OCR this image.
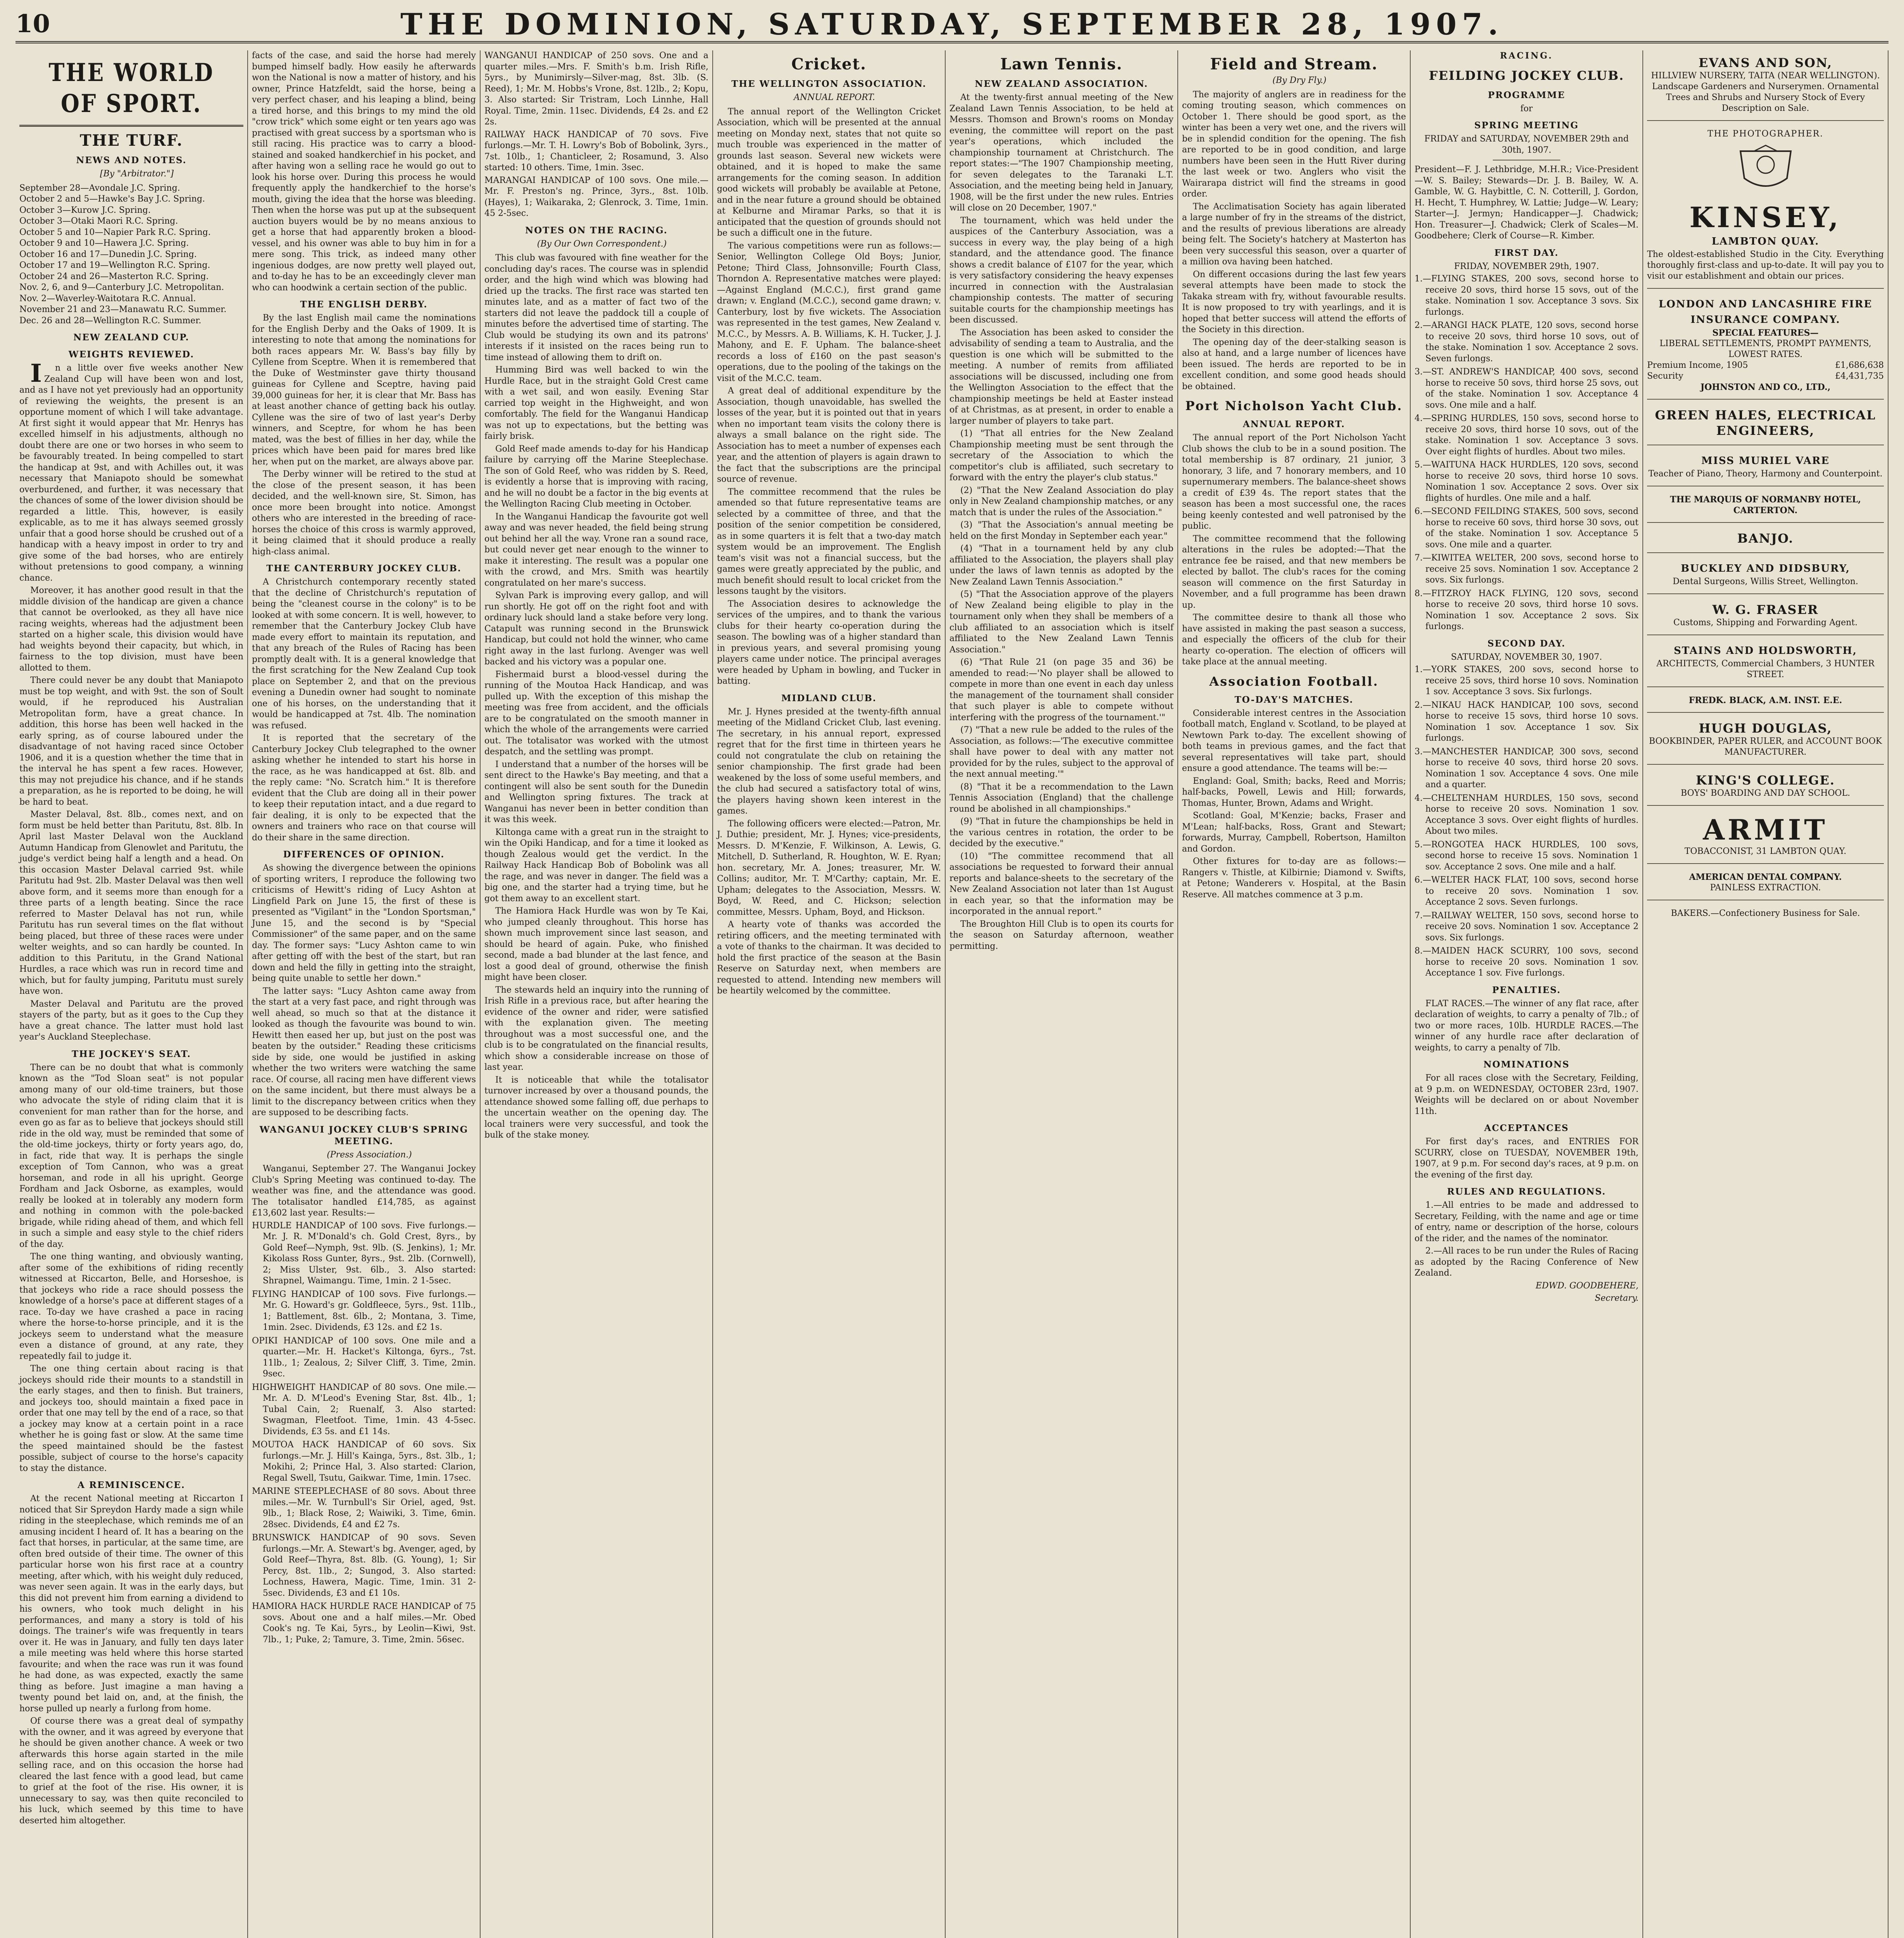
10	THE DOMINION, SATURDAY, SEPTEMBER 28, 1907.
THE WORLD OF SPORT.
THE TURF.
NEWS AND NOTES.

[By "Arbitrator."]

September 28—Avondale J.C. Spring.

October 2 and 5—Hawke's Bay J.C. Spring.

October 3—Kurow J.C. Spring.

October 3—Otaki Maori R.C. Spring.

October 5 and 10—Napier Park R.C. Spring.

October 9 and 10—Hawera J.C. Spring.

October 16 and 17—Dunedin J.C. Spring.

October 17 and 19—Wellington R.C. Spring.

October 24 and 26—Masterton R.C. Spring.

Nov. 2, 6, and 9—Canterbury J.C. Metropolitan.

Nov. 2—Waverley-Waitotara R.C. Annual.

November 21 and 23—Manawatu R.C. Summer.

Dec. 26 and 28—Wellington R.C. Summer.

NEW ZEALAND CUP.
WEIGHTS REVIEWED.

In a little over five weeks another New Zealand Cup will have been won and lost, and as I have not yet previously had an opportunity of reviewing the weights, the present is an opportune moment of which I will take advantage. At first sight it would appear that Mr. Henrys has excelled himself in his adjustments, although no doubt there are one or two horses in who seem to be favourably treated. In being compelled to start the handicap at 9st, and with Achilles out, it was necessary that Maniapoto should be somewhat overburdened, and further, it was necessary that the chances of some of the lower division should be regarded a little. This, however, is easily explicable, as to me it has always seemed grossly unfair that a good horse should be crushed out of a handicap with a heavy impost in order to try and give some of the bad horses, who are entirely without pretensions to good company, a winning chance.

Moreover, it has another good result in that the middle division of the handicap are given a chance that cannot be overlooked, as they all have nice racing weights, whereas had the adjustment been started on a higher scale, this division would have had weights beyond their capacity, but which, in fairness to the top division, must have been allotted to them.

There could never be any doubt that Maniapoto must be top weight, and with 9st. the son of Soult would, if he reproduced his Australian Metropolitan form, have a great chance. In addition, this horse has been well hacked in the early spring, as of course laboured under the disadvantage of not having raced since October 1906, and it is a question whether the time that in the interval he has spent a few races. However, this may not prejudice his chance, and if he stands a preparation, as he is reported to be doing, he will be hard to beat.

Master Delaval, 8st. 8lb., comes next, and on form must be held better than Paritutu, 8st. 8lb. In April last Master Delaval won the Auckland Autumn Handicap from Glenowlet and Paritutu, the judge's verdict being half a length and a head. On this occasion Master Delaval carried 9st. while Paritutu had 9st. 2lb. Master Delaval was then well above form, and it seems more than enough for a three parts of a length beating. Since the race referred to Master Delaval has not run, while Paritutu has run several times on the flat without being placed, but three of these races were under welter weights, and so can hardly be counted. In addition to this Paritutu, in the Grand National Hurdles, a race which was run in record time and which, but for faulty jumping, Paritutu must surely have won.

Master Delaval and Paritutu are the proved stayers of the party, but as it goes to the Cup they have a great chance. The latter must hold last year's Auckland Steeplechase.

THE JOCKEY'S SEAT.

There can be no doubt that what is commonly known as the "Tod Sloan seat" is not popular among many of our old-time trainers, but those who advocate the style of riding claim that it is convenient for man rather than for the horse, and even go as far as to believe that jockeys should still ride in the old way, must be reminded that some of the old-time jockeys, thirty or forty years ago, do, in fact, ride that way. It is perhaps the single exception of Tom Cannon, who was a great horseman, and rode in all his upright. George Fordham and Jack Osborne, as examples, would really be looked at in tolerably any modern form and nothing in common with the pole-backed brigade, while riding ahead of them, and which fell in such a simple and easy style to the chief riders of the day.

The one thing wanting, and obviously wanting, after some of the exhibitions of riding recently witnessed at Riccarton, Belle, and Horseshoe, is that jockeys who ride a race should possess the knowledge of a horse's pace at different stages of a race. To-day we have crashed a pace in racing where the horse-to-horse principle, and it is the jockeys seem to understand what the measure even a distance of ground, at any rate, they repeatedly fail to judge it.

The one thing certain about racing is that jockeys should ride their mounts to a standstill in the early stages, and then to finish. But trainers, and jockeys too, should maintain a fixed pace in order that one may tell by the end of a race, so that a jockey may know at a certain point in a race whether he is going fast or slow. At the same time the speed maintained should be the fastest possible, subject of course to the horse's capacity to stay the distance.

A REMINISCENCE.

At the recent National meeting at Riccarton I noticed that Sir Spreydon Hardy made a sign while riding in the steeplechase, which reminds me of an amusing incident I heard of. It has a bearing on the fact that horses, in particular, at the same time, are often bred outside of their time. The owner of this particular horse won his first race at a country meeting, after which, with his weight duly reduced, was never seen again. It was in the early days, but this did not prevent him from earning a dividend to his owners, who took much delight in his performances, and many a story is told of his doings. The trainer's wife was frequently in tears over it. He was in January, and fully ten days later a mile meeting was held where this horse started favourite; and when the race was run it was found he had done, as was expected, exactly the same thing as before. Just imagine a man having a twenty pound bet laid on, and, at the finish, the horse pulled up nearly a furlong from home.

Of course there was a great deal of sympathy with the owner, and it was agreed by everyone that he should be given another chance. A week or two afterwards this horse again started in the mile selling race, and on this occasion the horse had cleared the last fence with a good lead, but came to grief at the foot of the rise. His owner, it is unnecessary to say, was then quite reconciled to his luck, which seemed by this time to have deserted him altogether.

facts of the case, and said the horse had merely bumped himself badly. How easily he afterwards won the National is now a matter of history, and his owner, Prince Hatzfeldt, said the horse, being a very perfect chaser, and his leaping a blind, being a tired horse, and this brings to my mind the old "crow trick" which some eight or ten years ago was practised with great success by a sportsman who is still racing. His practice was to carry a blood-stained and soaked handkerchief in his pocket, and after having won a selling race he would go out to look his horse over. During this process he would frequently apply the handkerchief to the horse's mouth, giving the idea that the horse was bleeding. Then when the horse was put up at the subsequent auction buyers would be by no means anxious to get a horse that had apparently broken a blood-vessel, and his owner was able to buy him in for a mere song. This trick, as indeed many other ingenious dodges, are now pretty well played out, and to-day he has to be an exceedingly clever man who can hoodwink a certain section of the public.

THE ENGLISH DERBY.

By the last English mail came the nominations for the English Derby and the Oaks of 1909. It is interesting to note that among the nominations for both races appears Mr. W. Bass's bay filly by Cyllene from Sceptre. When it is remembered that the Duke of Westminster gave thirty thousand guineas for Cyllene and Sceptre, having paid 39,000 guineas for her, it is clear that Mr. Bass has at least another chance of getting back his outlay. Cyllene was the sire of two of last year's Derby winners, and Sceptre, for whom he has been mated, was the best of fillies in her day, while the prices which have been paid for mares bred like her, when put on the market, are always above par.

The Derby winner will be retired to the stud at the close of the present season, it has been decided, and the well-known sire, St. Simon, has once more been brought into notice. Amongst others who are interested in the breeding of race-horses the choice of this cross is warmly approved, it being claimed that it should produce a really high-class animal.

THE CANTERBURY JOCKEY CLUB.

A Christchurch contemporary recently stated that the decline of Christchurch's reputation of being the "cleanest course in the colony" is to be looked at with some concern. It is well, however, to remember that the Canterbury Jockey Club have made every effort to maintain its reputation, and that any breach of the Rules of Racing has been promptly dealt with. It is a general knowledge that the first scratching for the New Zealand Cup took place on September 2, and that on the previous evening a Dunedin owner had sought to nominate one of his horses, on the understanding that it would be handicapped at 7st. 4lb. The nomination was refused.

It is reported that the secretary of the Canterbury Jockey Club telegraphed to the owner asking whether he intended to start his horse in the race, as he was handicapped at 6st. 8lb. and the reply came: "No. Scratch him." It is therefore evident that the Club are doing all in their power to keep their reputation intact, and a due regard to fair dealing, it is only to be expected that the owners and trainers who race on that course will do their share in the same direction.

DIFFERENCES OF OPINION.

As showing the divergence between the opinions of sporting writers, I reproduce the following two criticisms of Hewitt's riding of Lucy Ashton at Lingfield Park on June 15, the first of these is presented as "Vigilant" in the "London Sportsman," June 15, and the second is by "Special Commissioner" of the same paper, and on the same day. The former says: "Lucy Ashton came to win after getting off with the best of the start, but ran down and held the filly in getting into the straight, being quite unable to settle her down."

The latter says: "Lucy Ashton came away from the start at a very fast pace, and right through was well ahead, so much so that at the distance it looked as though the favourite was bound to win. Hewitt then eased her up, but just on the post was beaten by the outsider." Reading these criticisms side by side, one would be justified in asking whether the two writers were watching the same race. Of course, all racing men have different views on the same incident, but there must always be a limit to the discrepancy between critics when they are supposed to be describing facts.

WANGANUI JOCKEY CLUB'S SPRING MEETING.

(Press Association.)

Wanganui, September 27. The Wanganui Jockey Club's Spring Meeting was continued to-day. The weather was fine, and the attendance was good. The totalisator handled £14,785, as against £13,602 last year. Results:—

HURDLE HANDICAP of 100 sovs. Five furlongs.—Mr. J. R. M'Donald's ch. Gold Crest, 8yrs., by Gold Reef—Nymph, 9st. 9lb. (S. Jenkins), 1; Mr. Kikolass Ross Gunter, 8yrs., 9st. 2lb. (Cornwell), 2; Miss Ulster, 9st. 6lb., 3. Also started: Shrapnel, Waimangu. Time, 1min. 2 1-5sec.

FLYING HANDICAP of 100 sovs. Five furlongs.—Mr. G. Howard's gr. Goldfleece, 5yrs., 9st. 11lb., 1; Battlement, 8st. 6lb., 2; Montana, 3. Time, 1min. 2sec. Dividends, £3 12s. and £2 1s.

OPIKI HANDICAP of 100 sovs. One mile and a quarter.—Mr. H. Hacket's Kiltonga, 6yrs., 7st. 11lb., 1; Zealous, 2; Silver Cliff, 3. Time, 2min. 9sec.

HIGHWEIGHT HANDICAP of 80 sovs. One mile.—Mr. A. D. M'Leod's Evening Star, 8st. 4lb., 1; Tubal Cain, 2; Ruenalf, 3. Also started: Swagman, Fleetfoot. Time, 1min. 43 4-5sec. Dividends, £3 5s. and £1 14s.

MOUTOA HACK HANDICAP of 60 sovs. Six furlongs.—Mr. J. Hill's Kainga, 5yrs., 8st. 3lb., 1; Mokihi, 2; Prince Hal, 3. Also started: Clarion, Regal Swell, Tsutu, Gaikwar. Time, 1min. 17sec.

MARINE STEEPLECHASE of 80 sovs. About three miles.—Mr. W. Turnbull's Sir Oriel, aged, 9st. 9lb., 1; Black Rose, 2; Waiwiki, 3. Time, 6min. 28sec. Dividends, £4 and £2 7s.

BRUNSWICK HANDICAP of 90 sovs. Seven furlongs.—Mr. A. Stewart's bg. Avenger, aged, by Gold Reef—Thyra, 8st. 8lb. (G. Young), 1; Sir Percy, 8st. 1lb., 2; Sungod, 3. Also started: Lochness, Hawera, Magic. Time, 1min. 31 2-5sec. Dividends, £3 and £1 10s.

HAMIORA HACK HURDLE RACE HANDICAP of 75 sovs. About one and a half miles.—Mr. Obed Cook's ng. Te Kai, 5yrs., by Leolin—Kiwi, 9st. 7lb., 1; Puke, 2; Tamure, 3. Time, 2min. 56sec.

WANGANUI HANDICAP of 250 sovs. One and a quarter miles.—Mrs. F. Smith's b.m. Irish Rifle, 5yrs., by Munimirsly—Silver-mag, 8st. 3lb. (S. Reed), 1; Mr. M. Hobbs's Vrone, 8st. 12lb., 2; Kopu, 3. Also started: Sir Tristram, Loch Linnhe, Hall Royal. Time, 2min. 11sec. Dividends, £4 2s. and £2 2s.

RAILWAY HACK HANDICAP of 70 sovs. Five furlongs.—Mr. T. H. Lowry's Bob of Bobolink, 3yrs., 7st. 10lb., 1; Chanticleer, 2; Rosamund, 3. Also started: 10 others. Time, 1min. 3sec.

MARANGAI HANDICAP of 100 sovs. One mile.—Mr. F. Preston's ng. Prince, 3yrs., 8st. 10lb. (Hayes), 1; Waikaraka, 2; Glenrock, 3. Time, 1min. 45 2-5sec.

NOTES ON THE RACING.

(By Our Own Correspondent.)

This club was favoured with fine weather for the concluding day's races. The course was in splendid order, and the high wind which was blowing had dried up the tracks. The first race was started ten minutes late, and as a matter of fact two of the starters did not leave the paddock till a couple of minutes before the advertised time of starting. The Club would be studying its own and its patrons' interests if it insisted on the races being run to time instead of allowing them to drift on.

Humming Bird was well backed to win the Hurdle Race, but in the straight Gold Crest came with a wet sail, and won easily. Evening Star carried top weight in the Highweight, and won comfortably. The field for the Wanganui Handicap was not up to expectations, but the betting was fairly brisk.

Gold Reef made amends to-day for his Handicap failure by carrying off the Marine Steeplechase. The son of Gold Reef, who was ridden by S. Reed, is evidently a horse that is improving with racing, and he will no doubt be a factor in the big events at the Wellington Racing Club meeting in October.

In the Wanganui Handicap the favourite got well away and was never headed, the field being strung out behind her all the way. Vrone ran a sound race, but could never get near enough to the winner to make it interesting. The result was a popular one with the crowd, and Mrs. Smith was heartily congratulated on her mare's success.

Sylvan Park is improving every gallop, and will run shortly. He got off on the right foot and with ordinary luck should land a stake before very long. Catapult was running second in the Brunswick Handicap, but could not hold the winner, who came right away in the last furlong. Avenger was well backed and his victory was a popular one.

Fishermaid burst a blood-vessel during the running of the Moutoa Hack Handicap, and was pulled up. With the exception of this mishap the meeting was free from accident, and the officials are to be congratulated on the smooth manner in which the whole of the arrangements were carried out. The totalisator was worked with the utmost despatch, and the settling was prompt.

I understand that a number of the horses will be sent direct to the Hawke's Bay meeting, and that a contingent will also be sent south for the Dunedin and Wellington spring fixtures. The track at Wanganui has never been in better condition than it was this week.

Kiltonga came with a great run in the straight to win the Opiki Handicap, and for a time it looked as though Zealous would get the verdict. In the Railway Hack Handicap Bob of Bobolink was all the rage, and was never in danger. The field was a big one, and the starter had a trying time, but he got them away to an excellent start.

The Hamiora Hack Hurdle was won by Te Kai, who jumped cleanly throughout. This horse has shown much improvement since last season, and should be heard of again. Puke, who finished second, made a bad blunder at the last fence, and lost a good deal of ground, otherwise the finish might have been closer.

The stewards held an inquiry into the running of Irish Rifle in a previous race, but after hearing the evidence of the owner and rider, were satisfied with the explanation given. The meeting throughout was a most successful one, and the club is to be congratulated on the financial results, which show a considerable increase on those of last year.

It is noticeable that while the totalisator turnover increased by over a thousand pounds, the attendance showed some falling off, due perhaps to the uncertain weather on the opening day. The local trainers were very successful, and took the bulk of the stake money.

Cricket.
THE WELLINGTON ASSOCIATION.

ANNUAL REPORT.

The annual report of the Wellington Cricket Association, which will be presented at the annual meeting on Monday next, states that not quite so much trouble was experienced in the matter of grounds last season. Several new wickets were obtained, and it is hoped to make the same arrangements for the coming season. In addition good wickets will probably be available at Petone, and in the near future a ground should be obtained at Kelburne and Miramar Parks, so that it is anticipated that the question of grounds should not be such a difficult one in the future.

The various competitions were run as follows:—Senior, Wellington College Old Boys; Junior, Petone; Third Class, Johnsonville; Fourth Class, Thorndon A. Representative matches were played:—Against England (M.C.C.), first grand game drawn; v. England (M.C.C.), second game drawn; v. Canterbury, lost by five wickets. The Association was represented in the test games, New Zealand v. M.C.C., by Messrs. A. B. Williams, K. H. Tucker, J. J. Mahony, and E. F. Upham. The balance-sheet records a loss of £160 on the past season's operations, due to the pooling of the takings on the visit of the M.C.C. team.

A great deal of additional expenditure by the Association, though unavoidable, has swelled the losses of the year, but it is pointed out that in years when no important team visits the colony there is always a small balance on the right side. The Association has to meet a number of expenses each year, and the attention of players is again drawn to the fact that the subscriptions are the principal source of revenue.

The committee recommend that the rules be amended so that future representative teams are selected by a committee of three, and that the position of the senior competition be considered, as in some quarters it is felt that a two-day match system would be an improvement. The English team's visit was not a financial success, but the games were greatly appreciated by the public, and much benefit should result to local cricket from the lessons taught by the visitors.

The Association desires to acknowledge the services of the umpires, and to thank the various clubs for their hearty co-operation during the season. The bowling was of a higher standard than in previous years, and several promising young players came under notice. The principal averages were headed by Upham in bowling, and Tucker in batting.

MIDLAND CLUB.

Mr. J. Hynes presided at the twenty-fifth annual meeting of the Midland Cricket Club, last evening. The secretary, in his annual report, expressed regret that for the first time in thirteen years he could not congratulate the club on retaining the senior championship. The first grade had been weakened by the loss of some useful members, and the club had secured a satisfactory total of wins, the players having shown keen interest in the games.

The following officers were elected:—Patron, Mr. J. Duthie; president, Mr. J. Hynes; vice-presidents, Messrs. D. M'Kenzie, F. Wilkinson, A. Lewis, G. Mitchell, D. Sutherland, R. Houghton, W. E. Ryan; hon. secretary, Mr. A. Jones; treasurer, Mr. W. Collins; auditor, Mr. T. M'Carthy; captain, Mr. E. Upham; delegates to the Association, Messrs. W. Boyd, W. Reed, and C. Hickson; selection committee, Messrs. Upham, Boyd, and Hickson.

A hearty vote of thanks was accorded the retiring officers, and the meeting terminated with a vote of thanks to the chairman. It was decided to hold the first practice of the season at the Basin Reserve on Saturday next, when members are requested to attend. Intending new members will be heartily welcomed by the committee.

Lawn Tennis.
NEW ZEALAND ASSOCIATION.

At the twenty-first annual meeting of the New Zealand Lawn Tennis Association, to be held at Messrs. Thomson and Brown's rooms on Monday evening, the committee will report on the past year's operations, which included the championship tournament at Christchurch. The report states:—"The 1907 Championship meeting, for seven delegates to the Taranaki L.T. Association, and the meeting being held in January, 1908, will be the first under the new rules. Entries will close on 20 December, 1907."

The tournament, which was held under the auspices of the Canterbury Association, was a success in every way, the play being of a high standard, and the attendance good. The finance shows a credit balance of £107 for the year, which is very satisfactory considering the heavy expenses incurred in connection with the Australasian championship contests. The matter of securing suitable courts for the championship meetings has been discussed.

The Association has been asked to consider the advisability of sending a team to Australia, and the question is one which will be submitted to the meeting. A number of remits from affiliated associations will be discussed, including one from the Wellington Association to the effect that the championship meetings be held at Easter instead of at Christmas, as at present, in order to enable a larger number of players to take part.

(1) "That all entries for the New Zealand Championship meeting must be sent through the secretary of the Association to which the competitor's club is affiliated, such secretary to forward with the entry the player's club status."

(2) "That the New Zealand Association do play only in New Zealand championship matches, or any match that is under the rules of the Association."

(3) "That the Association's annual meeting be held on the first Monday in September each year."

(4) "That in a tournament held by any club affiliated to the Association, the players shall play under the laws of lawn tennis as adopted by the New Zealand Lawn Tennis Association."

(5) "That the Association approve of the players of New Zealand being eligible to play in the tournament only when they shall be members of a club affiliated to an association which is itself affiliated to the New Zealand Lawn Tennis Association."

(6) "That Rule 21 (on page 35 and 36) be amended to read:—'No player shall be allowed to compete in more than one event in each day unless the management of the tournament shall consider that such player is able to compete without interfering with the progress of the tournament.'"

(7) "That a new rule be added to the rules of the Association, as follows:—'The executive committee shall have power to deal with any matter not provided for by the rules, subject to the approval of the next annual meeting.'"

(8) "That it be a recommendation to the Lawn Tennis Association (England) that the challenge round be abolished in all championships."

(9) "That in future the championships be held in the various centres in rotation, the order to be decided by the executive."

(10) "The committee recommend that all associations be requested to forward their annual reports and balance-sheets to the secretary of the New Zealand Association not later than 1st August in each year, so that the information may be incorporated in the annual report."

The Broughton Hill Club is to open its courts for the season on Saturday afternoon, weather permitting.

Field and Stream.

(By Dry Fly.)

The majority of anglers are in readiness for the coming trouting season, which commences on October 1. There should be good sport, as the winter has been a very wet one, and the rivers will be in splendid condition for the opening. The fish are reported to be in good condition, and large numbers have been seen in the Hutt River during the last week or two. Anglers who visit the Wairarapa district will find the streams in good order.

The Acclimatisation Society has again liberated a large number of fry in the streams of the district, and the results of previous liberations are already being felt. The Society's hatchery at Masterton has been very successful this season, over a quarter of a million ova having been hatched.

On different occasions during the last few years several attempts have been made to stock the Takaka stream with fry, without favourable results. It is now proposed to try with yearlings, and it is hoped that better success will attend the efforts of the Society in this direction.

The opening day of the deer-stalking season is also at hand, and a large number of licences have been issued. The herds are reported to be in excellent condition, and some good heads should be obtained.

Port Nicholson Yacht Club.
ANNUAL REPORT.

The annual report of the Port Nicholson Yacht Club shows the club to be in a sound position. The total membership is 87 ordinary, 21 junior, 3 honorary, 3 life, and 7 honorary members, and 10 supernumerary members. The balance-sheet shows a credit of £39 4s. The report states that the season has been a most successful one, the races being keenly contested and well patronised by the public.

The committee recommend that the following alterations in the rules be adopted:—That the entrance fee be raised, and that new members be elected by ballot. The club's races for the coming season will commence on the first Saturday in November, and a full programme has been drawn up.

The committee desire to thank all those who have assisted in making the past season a success, and especially the officers of the club for their hearty co-operation. The election of officers will take place at the annual meeting.

Association Football.
TO-DAY'S MATCHES.

Considerable interest centres in the Association football match, England v. Scotland, to be played at Newtown Park to-day. The excellent showing of both teams in previous games, and the fact that several representatives will take part, should ensure a good attendance. The teams will be:—

England: Goal, Smith; backs, Reed and Morris; half-backs, Powell, Lewis and Hill; forwards, Thomas, Hunter, Brown, Adams and Wright.

Scotland: Goal, M'Kenzie; backs, Fraser and M'Lean; half-backs, Ross, Grant and Stewart; forwards, Murray, Campbell, Robertson, Hamilton and Gordon.

Other fixtures for to-day are as follows:—Rangers v. Thistle, at Kilbirnie; Diamond v. Swifts, at Petone; Wanderers v. Hospital, at the Basin Reserve. All matches commence at 3 p.m.

RACING.

FEILDING JOCKEY CLUB.
PROGRAMME

for

SPRING MEETING

FRIDAY and SATURDAY, NOVEMBER 29th and 30th, 1907.

President—F. J. Lethbridge, M.H.R.; Vice-President—W. S. Bailey; Stewards—Dr. J. B. Bailey, W. A. Gamble, W. G. Haybittle, C. N. Cotterill, J. Gordon, H. Hecht, T. Humphrey, W. Lattie; Judge—W. Leary; Starter—J. Jermyn; Handicapper—J. Chadwick; Hon. Treasurer—J. Chadwick; Clerk of Scales—M. Goodbehere; Clerk of Course—R. Kimber.

FIRST DAY.

FRIDAY, NOVEMBER 29th, 1907.

1.—FLYING STAKES, 200 sovs, second horse to receive 20 sovs, third horse 15 sovs, out of the stake. Nomination 1 sov. Acceptance 3 sovs. Six furlongs.

2.—ARANGI HACK PLATE, 120 sovs, second horse to receive 20 sovs, third horse 10 sovs, out of the stake. Nomination 1 sov. Acceptance 2 sovs. Seven furlongs.

3.—ST. ANDREW'S HANDICAP, 400 sovs, second horse to receive 50 sovs, third horse 25 sovs, out of the stake. Nomination 1 sov. Acceptance 4 sovs. One mile and a half.

4.—SPRING HURDLES, 150 sovs, second horse to receive 20 sovs, third horse 10 sovs, out of the stake. Nomination 1 sov. Acceptance 3 sovs. Over eight flights of hurdles. About two miles.

5.—WAITUNA HACK HURDLES, 120 sovs, second horse to receive 20 sovs, third horse 10 sovs. Nomination 1 sov. Acceptance 2 sovs. Over six flights of hurdles. One mile and a half.

6.—SECOND FEILDING STAKES, 500 sovs, second horse to receive 60 sovs, third horse 30 sovs, out of the stake. Nomination 1 sov. Acceptance 5 sovs. One mile and a quarter.

7.—KIWITEA WELTER, 200 sovs, second horse to receive 25 sovs. Nomination 1 sov. Acceptance 2 sovs. Six furlongs.

8.—FITZROY HACK FLYING, 120 sovs, second horse to receive 20 sovs, third horse 10 sovs. Nomination 1 sov. Acceptance 2 sovs. Six furlongs.

SECOND DAY.

SATURDAY, NOVEMBER 30, 1907.

1.—YORK STAKES, 200 sovs, second horse to receive 25 sovs, third horse 10 sovs. Nomination 1 sov. Acceptance 3 sovs. Six furlongs.

2.—NIKAU HACK HANDICAP, 100 sovs, second horse to receive 15 sovs, third horse 10 sovs. Nomination 1 sov. Acceptance 1 sov. Six furlongs.

3.—MANCHESTER HANDICAP, 300 sovs, second horse to receive 40 sovs, third horse 20 sovs. Nomination 1 sov. Acceptance 4 sovs. One mile and a quarter.

4.—CHELTENHAM HURDLES, 150 sovs, second horse to receive 20 sovs. Nomination 1 sov. Acceptance 3 sovs. Over eight flights of hurdles. About two miles.

5.—RONGOTEA HACK HURDLES, 100 sovs, second horse to receive 15 sovs. Nomination 1 sov. Acceptance 2 sovs. One mile and a half.

6.—WELTER HACK FLAT, 100 sovs, second horse to receive 20 sovs. Nomination 1 sov. Acceptance 2 sovs. Seven furlongs.

7.—RAILWAY WELTER, 150 sovs, second horse to receive 20 sovs. Nomination 1 sov. Acceptance 2 sovs. Six furlongs.

8.—MAIDEN HACK SCURRY, 100 sovs, second horse to receive 20 sovs. Nomination 1 sov. Acceptance 1 sov. Five furlongs.

PENALTIES.

FLAT RACES.—The winner of any flat race, after declaration of weights, to carry a penalty of 7lb.; of two or more races, 10lb. HURDLE RACES.—The winner of any hurdle race after declaration of weights, to carry a penalty of 7lb.

NOMINATIONS

For all races close with the Secretary, Feilding, at 9 p.m. on WEDNESDAY, OCTOBER 23rd, 1907. Weights will be declared on or about November 11th.

ACCEPTANCES

For first day's races, and ENTRIES FOR SCURRY, close on TUESDAY, NOVEMBER 19th, 1907, at 9 p.m. For second day's races, at 9 p.m. on the evening of the first day.

RULES AND REGULATIONS.

1.—All entries to be made and addressed to Secretary, Feilding, with the name and age or time of entry, name or description of the horse, colours of the rider, and the names of the nominator.

2.—All races to be run under the Rules of Racing as adopted by the Racing Conference of New Zealand.

EDWD. GOODBEHERE,

Secretary.

EVANS AND SON,
HILLVIEW NURSERY, TAITA (NEAR WELLINGTON).
Landscape Gardeners and Nurserymen. Ornamental Trees and Shrubs and Nursery Stock of Every Description on Sale.
THE PHOTOGRAPHER.
KINSEY,
LAMBTON QUAY.
The oldest-established Studio in the City. Everything thoroughly first-class and up-to-date. It will pay you to visit our establishment and obtain our prices.
LONDON AND LANCASHIRE FIRE INSURANCE COMPANY.
SPECIAL FEATURES—
LIBERAL SETTLEMENTS, PROMPT PAYMENTS, LOWEST RATES.
Premium Income, 1905	£1,686,638
Security	£4,431,735
JOHNSTON AND CO., LTD.,
GREEN HALES, ELECTRICAL ENGINEERS,
MISS MURIEL VARE
Teacher of Piano, Theory, Harmony and Counterpoint.
THE MARQUIS OF NORMANBY HOTEL, CARTERTON.
BANJO.
BUCKLEY AND DIDSBURY,
Dental Surgeons, Willis Street, Wellington.
W. G. FRASER
Customs, Shipping and Forwarding Agent.
STAINS AND HOLDSWORTH,
ARCHITECTS, Commercial Chambers, 3 HUNTER STREET.
FREDK. BLACK, A.M. INST. E.E.
HUGH DOUGLAS,
BOOKBINDER, PAPER RULER, and ACCOUNT BOOK MANUFACTURER.
KING'S COLLEGE.
BOYS' BOARDING AND DAY SCHOOL.
ARMIT
TOBACCONIST, 31 LAMBTON QUAY.
AMERICAN DENTAL COMPANY.
PAINLESS EXTRACTION.
BAKERS.—Confectionery Business for Sale.
